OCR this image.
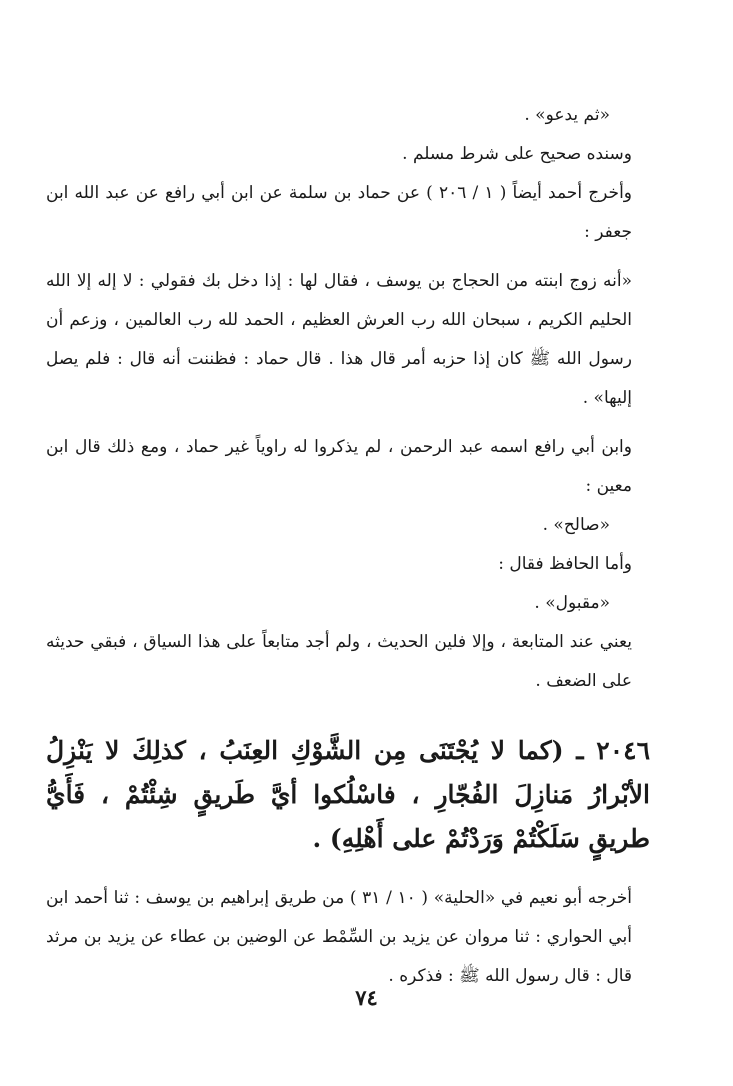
«ثم يدعو» .

وسنده صحيح على شرط مسلم .

وأخرج أحمد أيضاً ( ١ / ٢٠٦ ) عن حماد بن سلمة عن ابن أبي رافع عن عبد الله ابن جعفر :

«أنه زوج ابنته من الحجاج بن يوسف ، فقال لها : إذا دخل بك فقولي : لا إله إلا الله الحليم الكريم ، سبحان الله رب العرش العظيم ، الحمد لله رب العالمين ، وزعم أن رسول الله ﷺ كان إذا حزبه أمر قال هذا . قال حماد : فظننت أنه قال : فلم يصل إليها» .

وابن أبي رافع اسمه عبد الرحمن ، لم يذكروا له راوياً غير حماد ، ومع ذلك قال ابن معين :

«صالح» .

وأما الحافظ فقال :

«مقبول» .

يعني عند المتابعة ، وإلا فلين الحديث ، ولم أجد متابعاً على هذا السياق ، فبقي حديثه على الضعف .

٢٠٤٦ ـ (كما لا يُجْتَنَى مِن الشَّوْكِ العِنَبُ ، كذلِكَ لا يَنْزِلُ الأبْرارُ مَنازِلَ الفُجّارِ ، فاسْلُكوا أيَّ طَريقٍ شِئْتُمْ ، فَأَيُّ طريقٍ سَلَكْتُمْ وَرَدْتُمْ على أَهْلِهِ) .

أخرجه أبو نعيم في «الحلية» ( ١٠ / ٣١ ) من طريق إبراهيم بن يوسف : ثنا أحمد ابن أبي الحواري : ثنا مروان عن يزيد بن السِّمْط عن الوضين بن عطاء عن يزيد بن مرثد قال : قال رسول الله ﷺ : فذكره .

٧٤
